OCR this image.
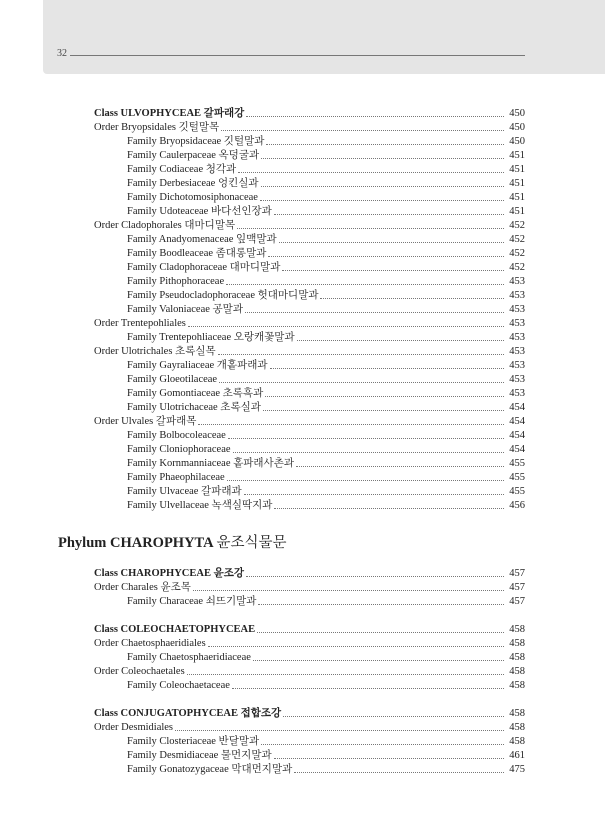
32
Class ULVOPHYCEAE 갈파래강	450
Order Bryopsidales 깃털말목	450
Family Bryopsidaceae 깃털말과	450
Family Caulerpaceae 옥덩굴과	451
Family Codiaceae 청각과	451
Family Derbesiaceae 엉킨실과	451
Family Dichotomosiphonaceae	451
Family Udoteaceae 바다선인장과	451
Order Cladophorales 대마디말목	452
Family Anadyomenaceae 잎맥말과	452
Family Boodleaceae 좀대롱말과	452
Family Cladophoraceae 대마디말과	452
Family Pithophoraceae	453
Family Pseudocladophoraceae 헛대마디말과	453
Family Valoniaceae 공말과	453
Order Trentepohliales	453
Family Trentepohliaceae 오랑캐꽃말과	453
Order Ulotrichales 초록실목	453
Family Gayraliaceae 개홑파래과	453
Family Gloeotilaceae	453
Family Gomontiaceae 초록흑과	453
Family Ulotrichaceae 초록실과	454
Order Ulvales 갈파래목	454
Family Bolbocoleaceae	454
Family Cloniophoraceae	454
Family Kornmanniaceae 홑파래사촌과	455
Family Phaeophilaceae	455
Family Ulvaceae 갈파래과	455
Family Ulvellaceae 녹색실딱지과	456
Phylum CHAROPHYTA 윤조식물문
Class CHAROPHYCEAE 윤조강	457
Order Charales 윤조목	457
Family Characeae 쇠뜨기말과	457
Class COLEOCHAETOPHYCEAE	458
Order Chaetosphaeridiales	458
Family Chaetosphaeridiaceae	458
Order Coleochaetales	458
Family Coleochaetaceae	458
Class CONJUGATOPHYCEAE 접합조강	458
Order Desmidiales	458
Family Closteriaceae 반달말과	458
Family Desmidiaceae 물먼지말과	461
Family Gonatozygaceae 막대먼지말과	475
